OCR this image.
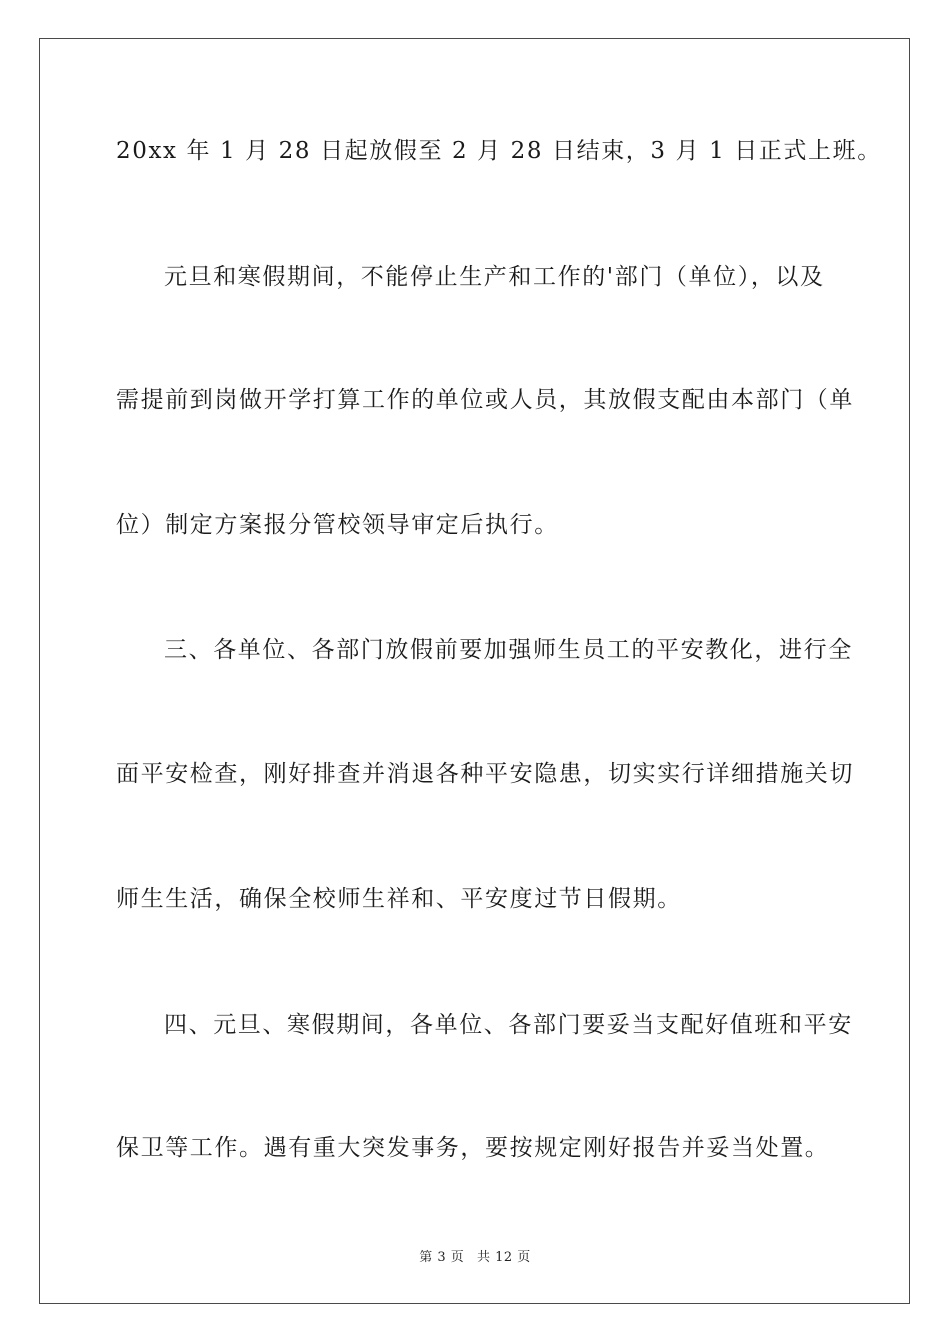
20xx 年 1 月 28 日起放假至 2 月 28 日结束，3 月 1 日正式上班。
元旦和寒假期间，不能停止生产和工作的'部门（单位），以及
需提前到岗做开学打算工作的单位或人员，其放假支配由本部门（单
位）制定方案报分管校领导审定后执行。
三、各单位、各部门放假前要加强师生员工的平安教化，进行全
面平安检查，刚好排查并消退各种平安隐患，切实实行详细措施关切
师生生活，确保全校师生祥和、平安度过节日假期。
四、元旦、寒假期间，各单位、各部门要妥当支配好值班和平安
保卫等工作。遇有重大突发事务，要按规定刚好报告并妥当处置。
第 3 页 共 12 页
